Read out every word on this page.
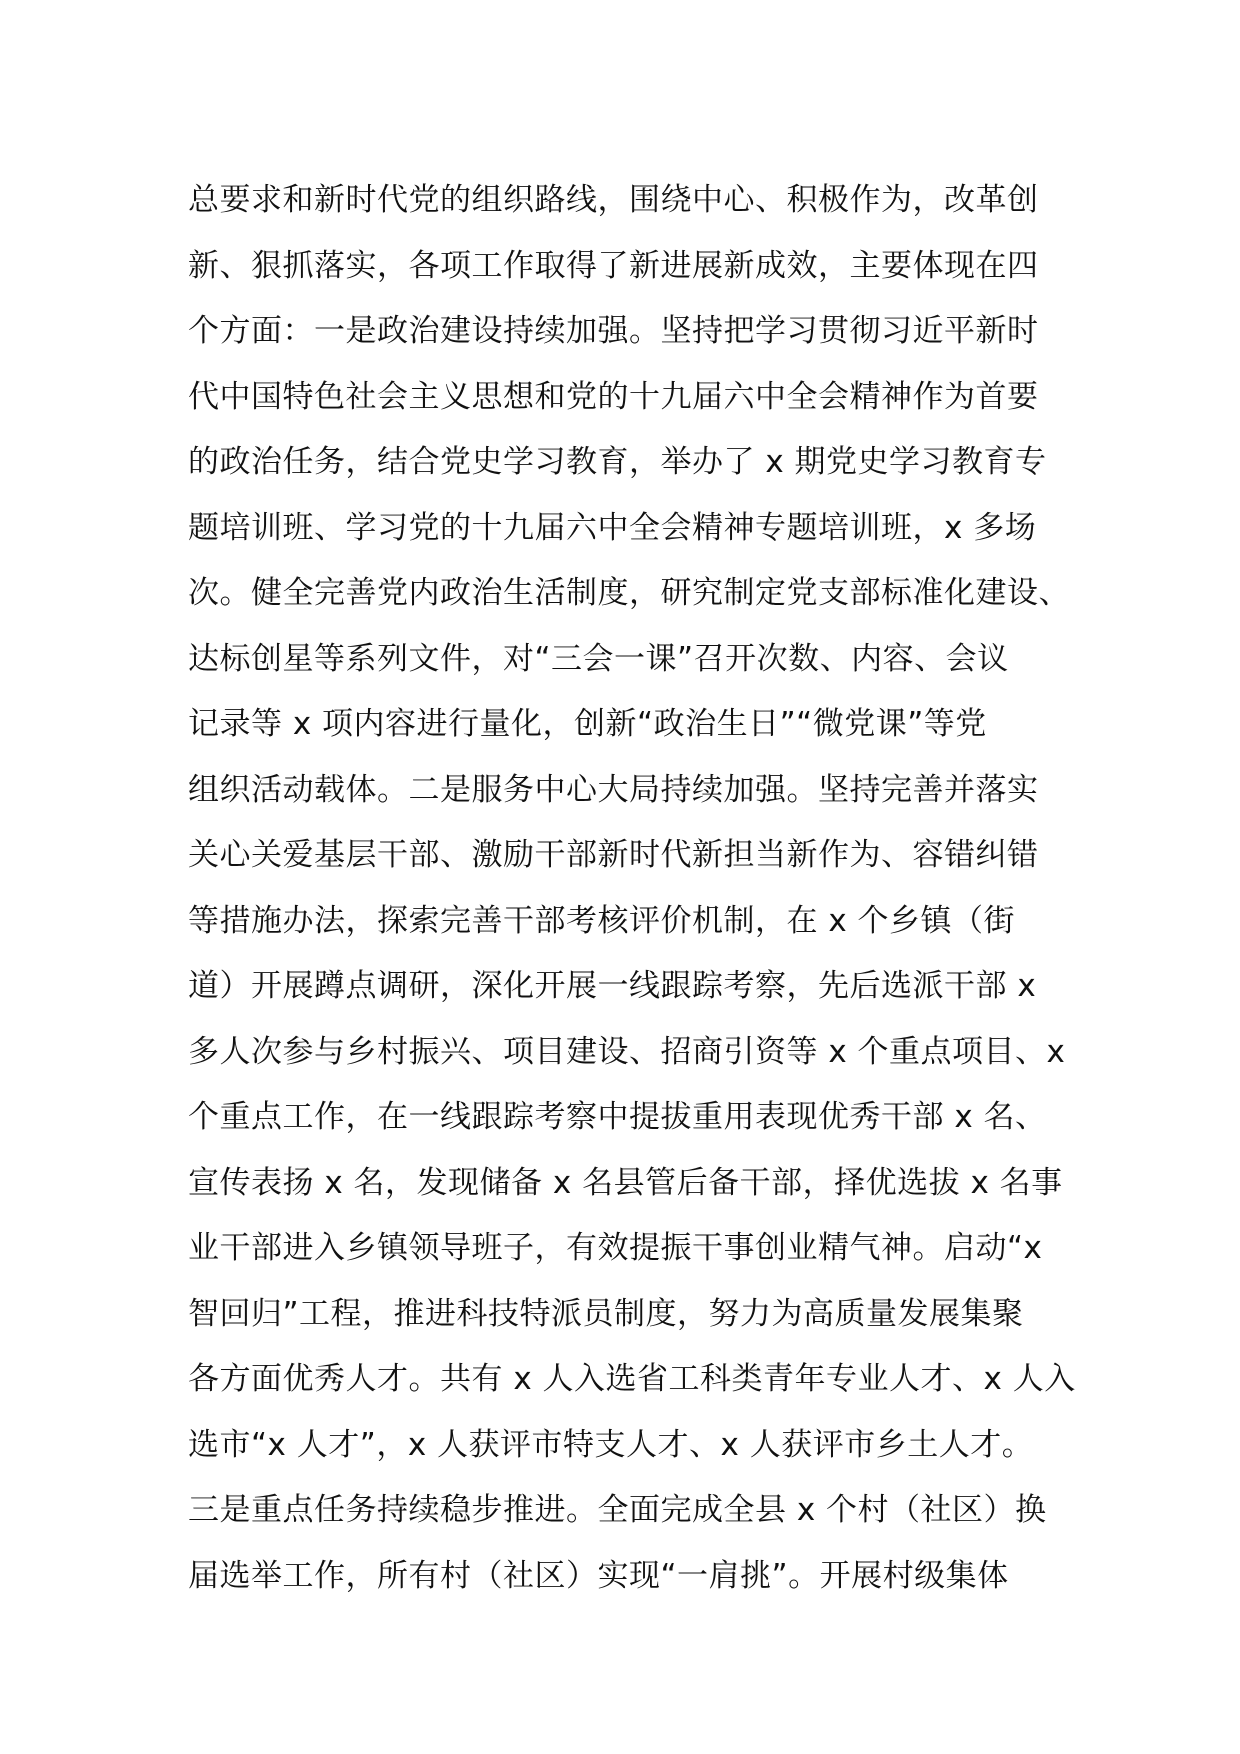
总要求和新时代党的组织路线，围绕中心、积极作为，改革创
新、狠抓落实，各项工作取得了新进展新成效，主要体现在四
个方面：一是政治建设持续加强。坚持把学习贯彻习近平新时
代中国特色社会主义思想和党的十九届六中全会精神作为首要
的政治任务，结合党史学习教育，举办了 x 期党史学习教育专
题培训班、学习党的十九届六中全会精神专题培训班，x 多场
次。健全完善党内政治生活制度，研究制定党支部标准化建设、
达标创星等系列文件，对“三会一课”召开次数、内容、会议
记录等 x 项内容进行量化，创新“政治生日”“微党课”等党
组织活动载体。二是服务中心大局持续加强。坚持完善并落实
关心关爱基层干部、激励干部新时代新担当新作为、容错纠错
等措施办法，探索完善干部考核评价机制，在 x 个乡镇（街
道）开展蹲点调研，深化开展一线跟踪考察，先后选派干部 x
多人次参与乡村振兴、项目建设、招商引资等 x 个重点项目、x
个重点工作，在一线跟踪考察中提拔重用表现优秀干部 x 名、
宣传表扬 x 名，发现储备 x 名县管后备干部，择优选拔 x 名事
业干部进入乡镇领导班子，有效提振干事创业精气神。启动“x
智回归”工程，推进科技特派员制度，努力为高质量发展集聚
各方面优秀人才。共有 x 人入选省工科类青年专业人才、x 人入
选市“x 人才”，x 人获评市特支人才、x 人获评市乡土人才。
三是重点任务持续稳步推进。全面完成全县 x 个村（社区）换
届选举工作，所有村（社区）实现“一肩挑”。开展村级集体
